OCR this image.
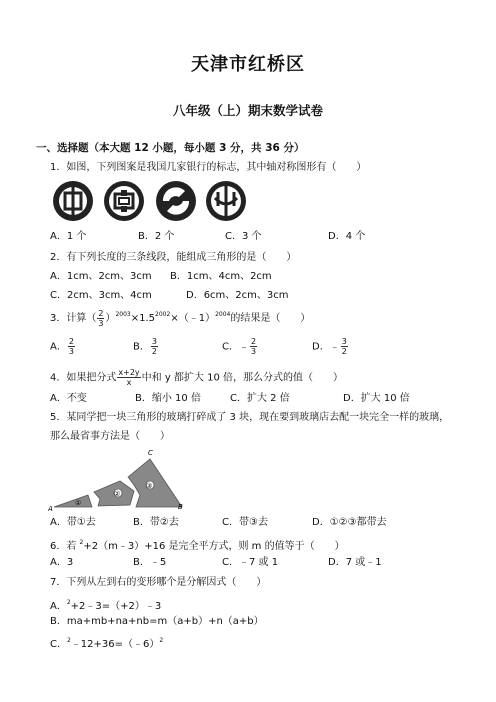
天津市红桥区
八年级（上）期末数学试卷
一、选择题（本大题 12 小题，每小题 3 分，共 36 分）
1．如图，下列图案是我国几家银行的标志，其中轴对称图形有（　　）
A．1 个	B．2 个	C．3 个	D．4 个
2．有下列长度的三条线段，能组成三角形的是（　　）
A．1cm、2cm、3cm B．1cm、4cm、2cm
C．2cm、3cm、4cm	D．6cm、2cm、3cm
3．计算（ $\frac{2}{3}$ ）$^{2003}\times 1.5^{2002}\times(﹣1)^{2004}$的结果是（　　）
A． $\frac{2}{3}$	B． $\frac{3}{2}$	C．﹣ $\frac{2}{3}$	D．﹣ $\frac{3}{2}$
4．如果把分式 $\frac{x+2y}{x}$ 中和 y 都扩大 10 倍，那么分式的值（　　）
A．不变	B．缩小 10 倍	C．扩大 2 倍	D．扩大 10 倍
5．某同学把一块三角形的玻璃打碎成了 3 块，现在要到玻璃店去配一块完全一样的玻璃，
那么最省事方法是（　　）
①
②
③
A	B
C
A．带①去	B．带②去	C．带③去	D．①②③都带去
6．若 $^2$+2（m﹣3）+16 是完全平方式，则 m 的值等于（　　）
A．3	B．﹣5	C．﹣7 或 1	D．7 或﹣1
7．下列从左到右的变形哪个是分解因式（　　）
A．$^2$+2﹣3=（+2）﹣3
B．ma+mb+na+nb=m（a+b）+n（a+b）
C．$^2$﹣12+36=（﹣6）$^2$
